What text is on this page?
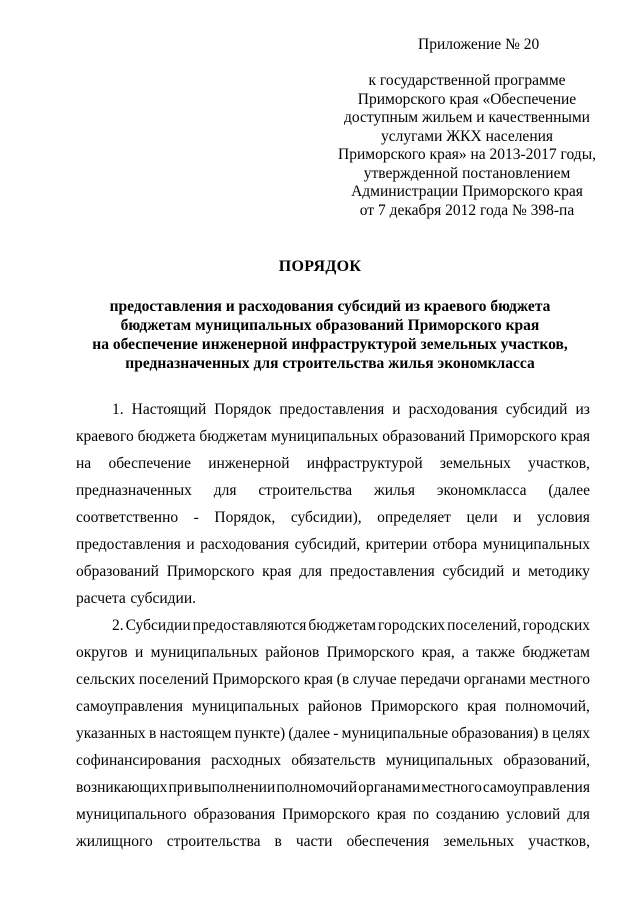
Приложение № 20
к государственной программе
Приморского края «Обеспечение
доступным жильем и качественными
услугами ЖКХ населения
Приморского края» на 2013-2017 годы,
утвержденной постановлением
Администрации Приморского края
от 7 декабря 2012 года № 398-па
ПОРЯДОК
предоставления и расходования субсидий из краевого бюджета
бюджетам муниципальных образований Приморского края
на обеспечение инженерной инфраструктурой земельных участков,
предназначенных для строительства жилья экономкласса
1. Настоящий Порядок предоставления и расходования субсидий из
краевого бюджета бюджетам муниципальных образований Приморского края
на обеспечение инженерной инфраструктурой земельных участков,
предназначенных для строительства жилья экономкласса (далее
соответственно - Порядок, субсидии), определяет цели и условия
предоставления и расходования субсидий, критерии отбора муниципальных
образований Приморского края для предоставления субсидий и методику
расчета субсидии.
2. Субсидии предоставляются бюджетам городских поселений, городских
округов и муниципальных районов Приморского края, а также бюджетам
сельских поселений Приморского края (в случае передачи органами местного
самоуправления муниципальных районов Приморского края полномочий,
указанных в настоящем пункте) (далее - муниципальные образования) в целях
софинансирования расходных обязательств муниципальных образований,
возникающих при выполнении полномочий органами местного самоуправления
муниципального образования Приморского края по созданию условий для
жилищного строительства в части обеспечения земельных участков,
